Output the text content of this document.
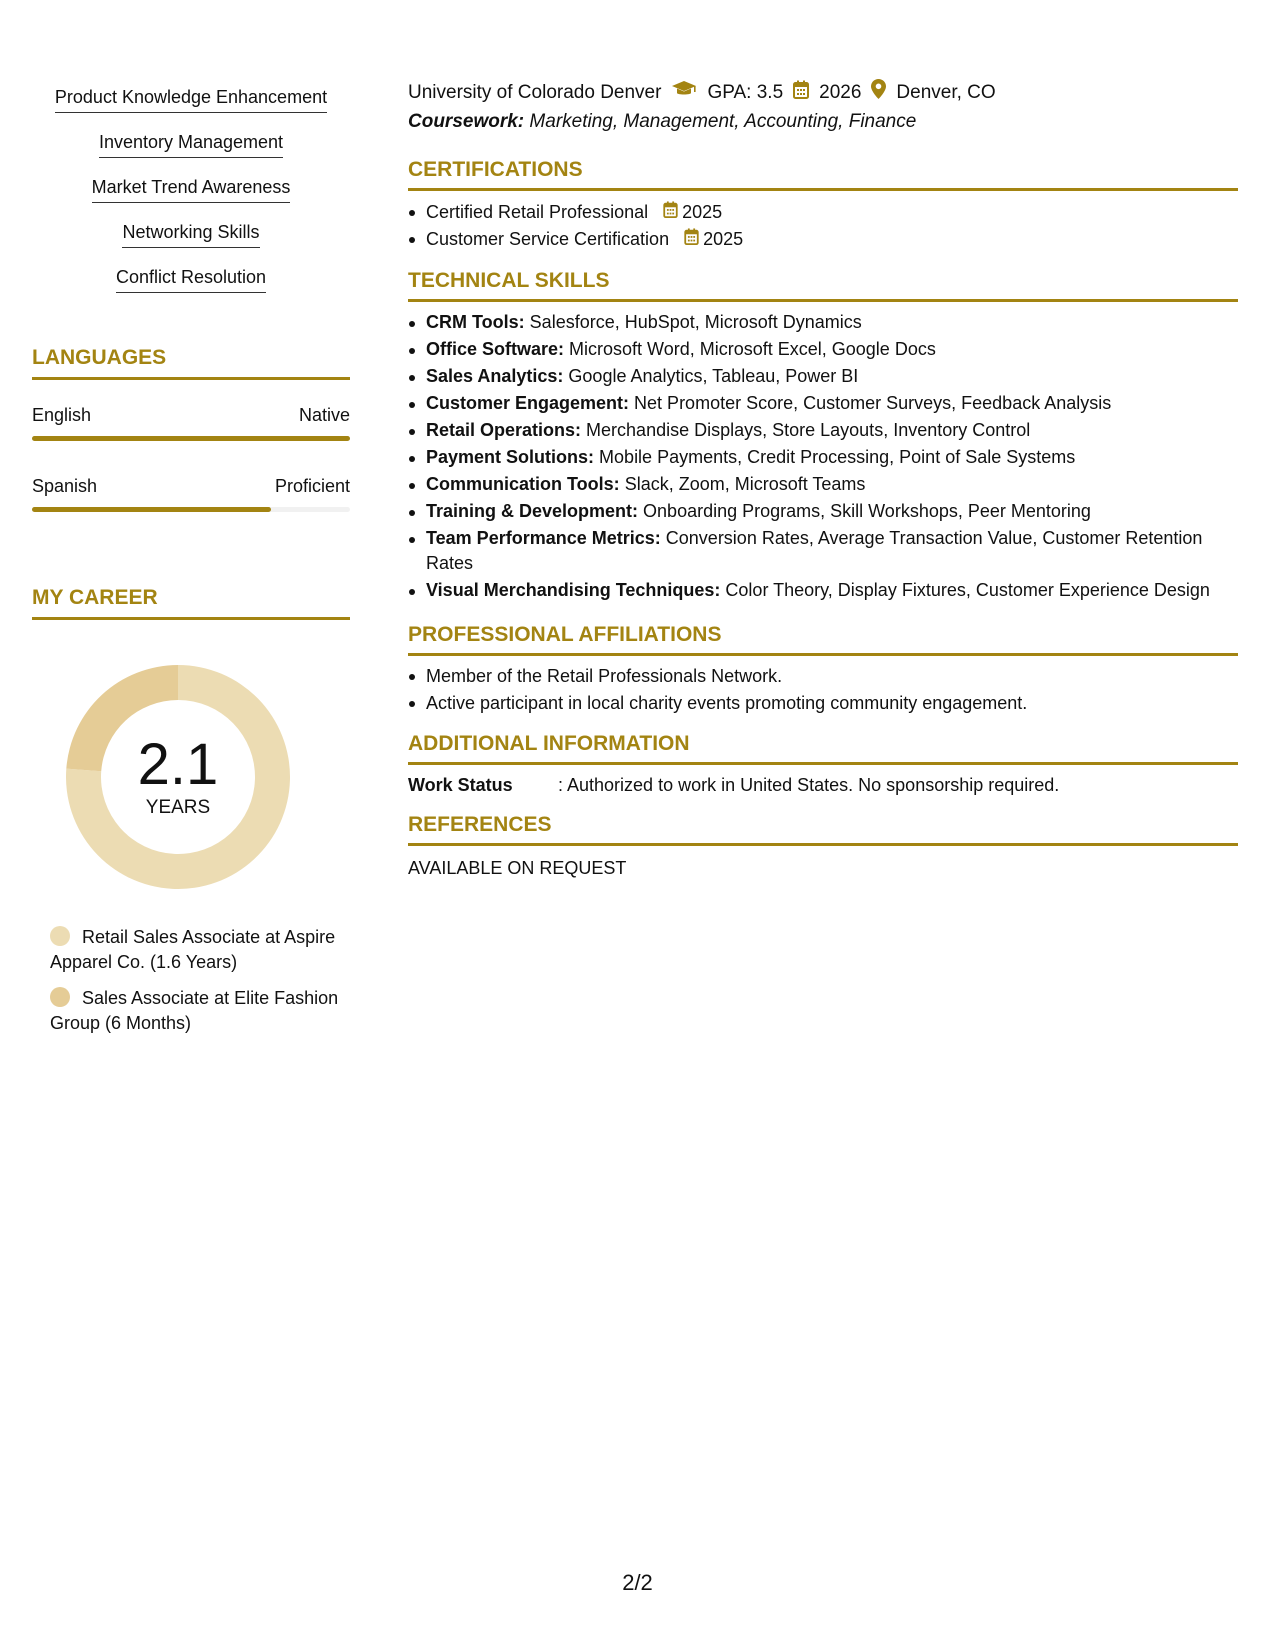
Product Knowledge Enhancement
Inventory Management
Market Trend Awareness
Networking Skills
Conflict Resolution
LANGUAGES
English	Native
Spanish	Proficient
MY CAREER
2.1
YEARS
Retail Sales Associate at Aspire Apparel Co. (1.6 Years)
Sales Associate at Elite Fashion Group (6 Months)
University of Colorado Denver GPA: 3.5 2026 Denver, CO
Coursework: Marketing, Management, Accounting, Finance
CERTIFICATIONS
Certified Retail Professional 2025
Customer Service Certification 2025
TECHNICAL SKILLS
CRM Tools: Salesforce, HubSpot, Microsoft Dynamics
Office Software: Microsoft Word, Microsoft Excel, Google Docs
Sales Analytics: Google Analytics, Tableau, Power BI
Customer Engagement: Net Promoter Score, Customer Surveys, Feedback Analysis
Retail Operations: Merchandise Displays, Store Layouts, Inventory Control
Payment Solutions: Mobile Payments, Credit Processing, Point of Sale Systems
Communication Tools: Slack, Zoom, Microsoft Teams
Training & Development: Onboarding Programs, Skill Workshops, Peer Mentoring
Team Performance Metrics: Conversion Rates, Average Transaction Value, Customer Retention Rates
Visual Merchandising Techniques: Color Theory, Display Fixtures, Customer Experience Design
PROFESSIONAL AFFILIATIONS
Member of the Retail Professionals Network.
Active participant in local charity events promoting community engagement.
ADDITIONAL INFORMATION
Work Status	: Authorized to work in United States. No sponsorship required.
REFERENCES
AVAILABLE ON REQUEST
2/2
